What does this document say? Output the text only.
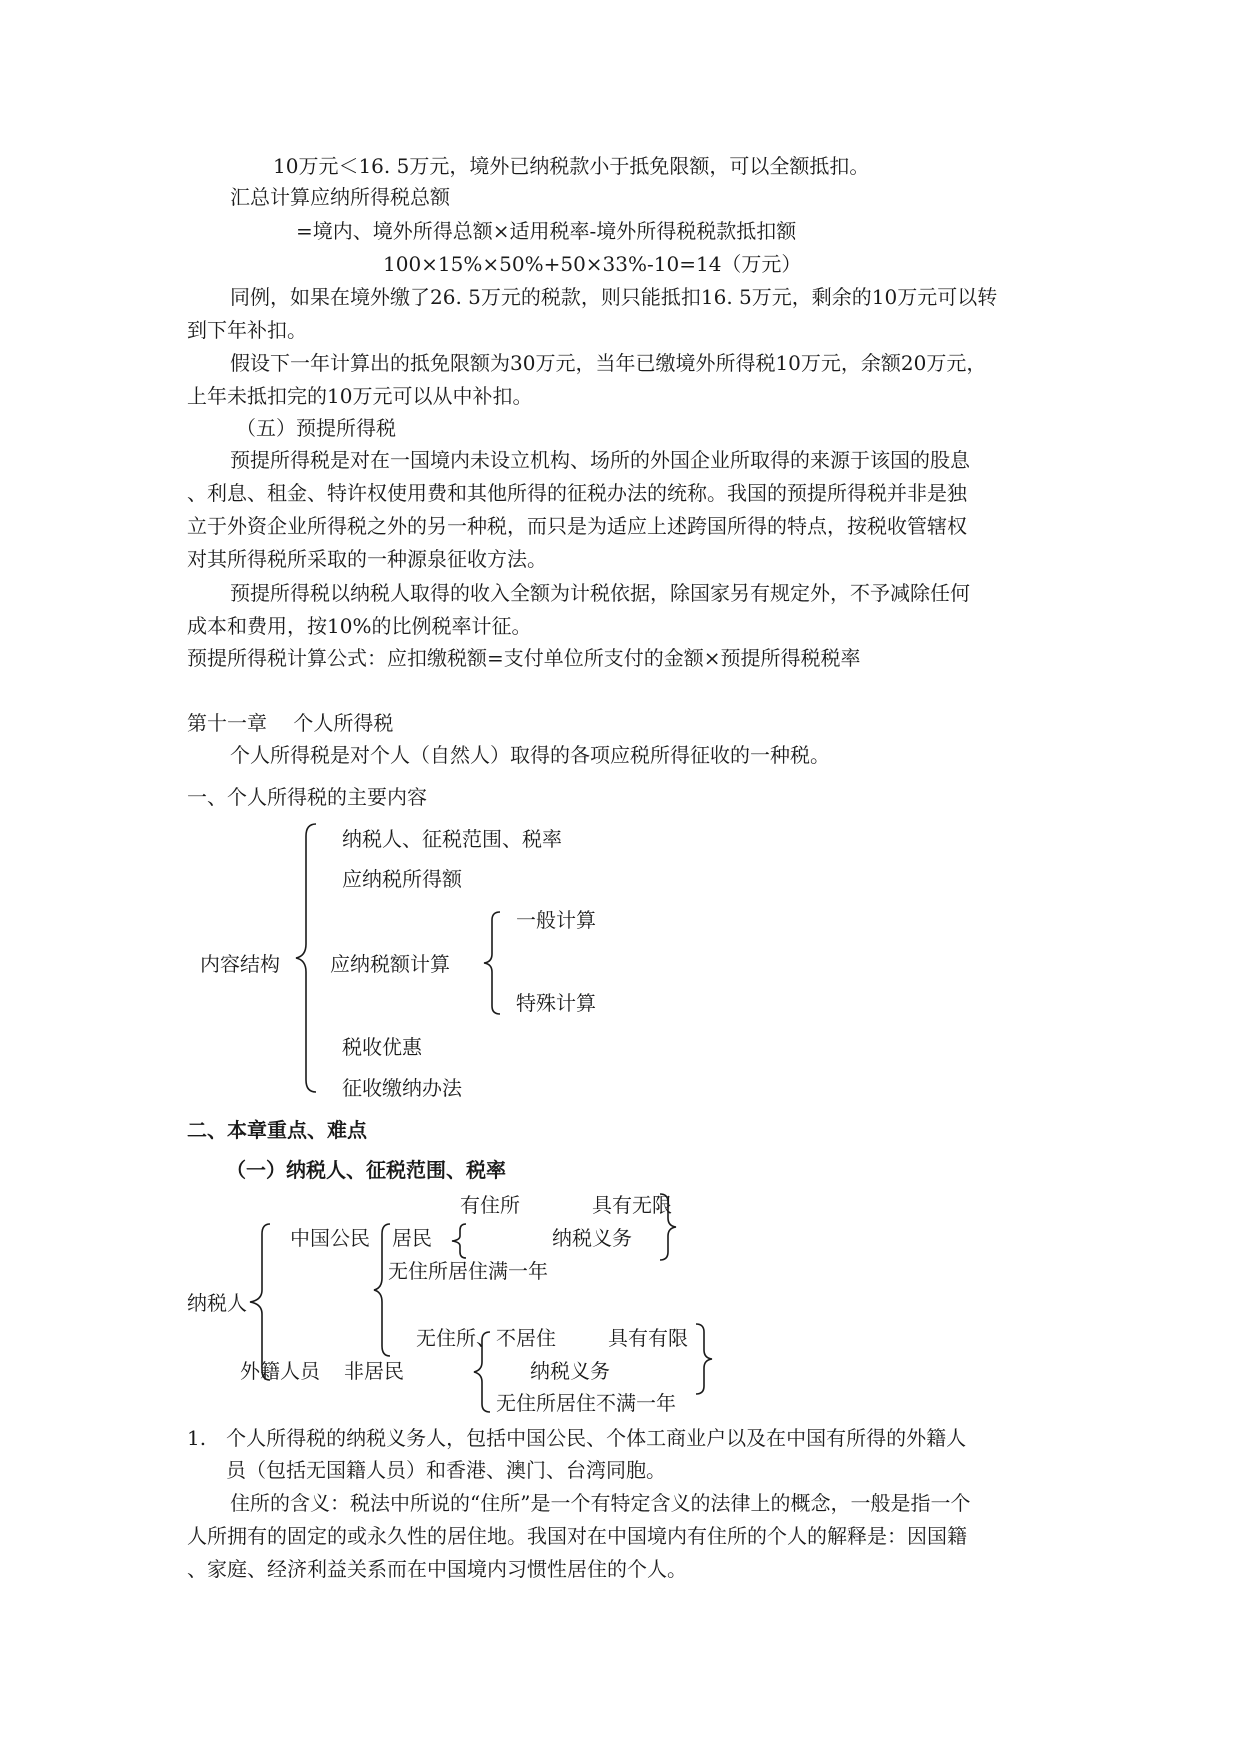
10万元＜16. 5万元，境外已纳税款小于抵免限额，可以全额抵扣。
汇总计算应纳所得税总额
=境内、境外所得总额×适用税率-境外所得税税款抵扣额
100×15%×50%+50×33%-10=14（万元）
同例，如果在境外缴了26. 5万元的税款，则只能抵扣16. 5万元，剩余的10万元可以转
到下年补扣。
假设下一年计算出的抵免限额为30万元，当年已缴境外所得税10万元，余额20万元，
上年未抵扣完的10万元可以从中补扣。
（五）预提所得税
预提所得税是对在一国境内未设立机构、场所的外国企业所取得的来源于该国的股息
、利息、租金、特许权使用费和其他所得的征税办法的统称。我国的预提所得税并非是独
立于外资企业所得税之外的另一种税，而只是为适应上述跨国所得的特点，按税收管辖权
对其所得税所采取的一种源泉征收方法。
预提所得税以纳税人取得的收入全额为计税依据，除国家另有规定外，不予减除任何
成本和费用，按10%的比例税率计征。
预提所得税计算公式：应扣缴税额=支付单位所支付的金额×预提所得税税率
第十一章　 个人所得税
个人所得税是对个人（自然人）取得的各项应税所得征收的一种税。
一、个人所得税的主要内容
内容结构
纳税人、征税范围、税率
应纳税所得额
应纳税额计算
一般计算
特殊计算
税收优惠
征收缴纳办法
二、本章重点、难点
（一）纳税人、征税范围、税率
纳税人
中国公民 居民
有住所
无住所居住满一年
具有无限
纳税义务
外籍人员 非居民
无住所、不居住
无住所居住不满一年
具有有限
纳税义务
1.　个人所得税的纳税义务人，包括中国公民、个体工商业户以及在中国有所得的外籍人
员（包括无国籍人员）和香港、澳门、台湾同胞。
住所的含义：税法中所说的“住所”是一个有特定含义的法律上的概念，一般是指一个
人所拥有的固定的或永久性的居住地。我国对在中国境内有住所的个人的解释是：因国籍
、家庭、经济利益关系而在中国境内习惯性居住的个人。
